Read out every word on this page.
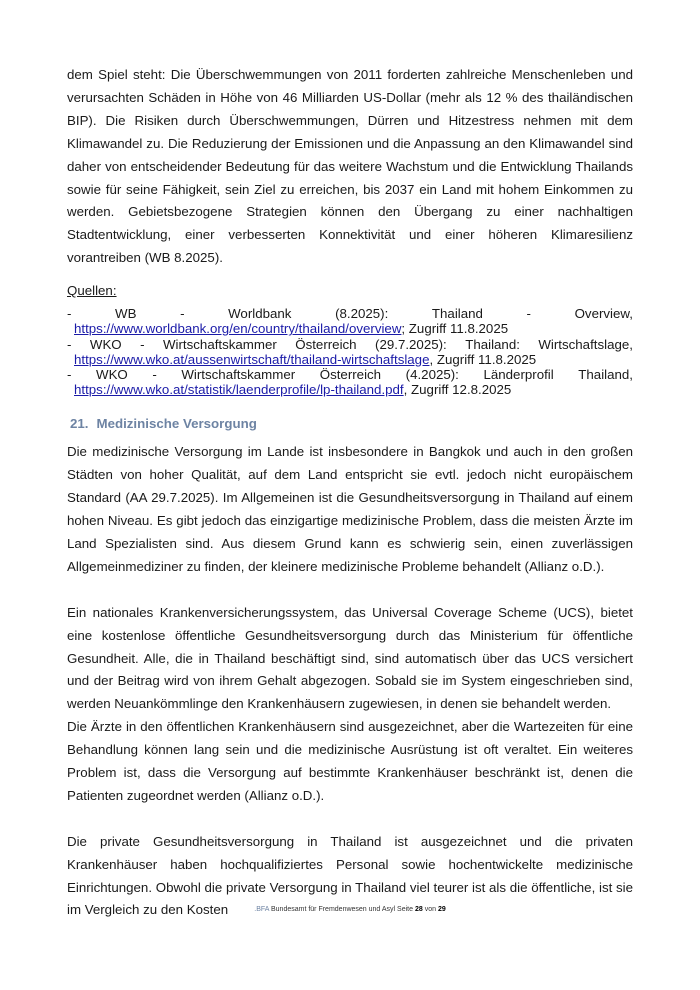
dem Spiel steht: Die Überschwemmungen von 2011 forderten zahlreiche Menschenleben und verursachten Schäden in Höhe von 46 Milliarden US-Dollar (mehr als 12 % des thailändischen BIP). Die Risiken durch Überschwemmungen, Dürren und Hitzestress nehmen mit dem Klimawandel zu. Die Reduzierung der Emissionen und die Anpassung an den Klimawandel sind daher von entscheidender Bedeutung für das weitere Wachstum und die Entwicklung Thailands sowie für seine Fähigkeit, sein Ziel zu erreichen, bis 2037 ein Land mit hohem Einkommen zu werden. Gebietsbezogene Strategien können den Übergang zu einer nachhaltigen Stadtentwicklung, einer verbesserten Konnektivität und einer höheren Klimaresilienz vorantreiben (WB 8.2025).

Quellen:
-	WB	-	Worldbank	(8.2025):	Thailand	-	Overview,
https://www.worldbank.org/en/country/thailand/overview; Zugriff 11.8.2025
- WKO - Wirtschaftskammer Österreich (29.7.2025): Thailand: Wirtschaftslage,
https://www.wko.at/aussenwirtschaft/thailand-wirtschaftslage, Zugriff 11.8.2025
- WKO - Wirtschaftskammer Österreich (4.2025): Länderprofil Thailand,
https://www.wko.at/statistik/laenderprofile/lp-thailand.pdf, Zugriff 12.8.2025
21. Medizinische Versorgung

Die medizinische Versorgung im Lande ist insbesondere in Bangkok und auch in den großen Städten von hoher Qualität, auf dem Land entspricht sie evtl. jedoch nicht europäischem Standard (AA 29.7.2025). Im Allgemeinen ist die Gesundheitsversorgung in Thailand auf einem hohen Niveau. Es gibt jedoch das einzigartige medizinische Problem, dass die meisten Ärzte im Land Spezialisten sind. Aus diesem Grund kann es schwierig sein, einen zuverlässigen Allgemeinmediziner zu finden, der kleinere medizinische Probleme behandelt (Allianz o.D.).

Ein nationales Krankenversicherungssystem, das Universal Coverage Scheme (UCS), bietet eine kostenlose öffentliche Gesundheitsversorgung durch das Ministerium für öffentliche Gesundheit. Alle, die in Thailand beschäftigt sind, sind automatisch über das UCS versichert und der Beitrag wird von ihrem Gehalt abgezogen. Sobald sie im System eingeschrieben sind, werden Neuankömmlinge den Krankenhäusern zugewiesen, in denen sie behandelt werden.

Die Ärzte in den öffentlichen Krankenhäusern sind ausgezeichnet, aber die Wartezeiten für eine Behandlung können lang sein und die medizinische Ausrüstung ist oft veraltet. Ein weiteres Problem ist, dass die Versorgung auf bestimmte Krankenhäuser beschränkt ist, denen die Patienten zugeordnet werden (Allianz o.D.).

Die private Gesundheitsversorgung in Thailand ist ausgezeichnet und die privaten Krankenhäuser haben hochqualifiziertes Personal sowie hochentwickelte medizinische Einrichtungen. Obwohl die private Versorgung in Thailand viel teurer ist als die öffentliche, ist sie im Vergleich zu den Kosten	.BFA Bundesamt für Fremdenwesen und Asyl Seite 28 von 29
